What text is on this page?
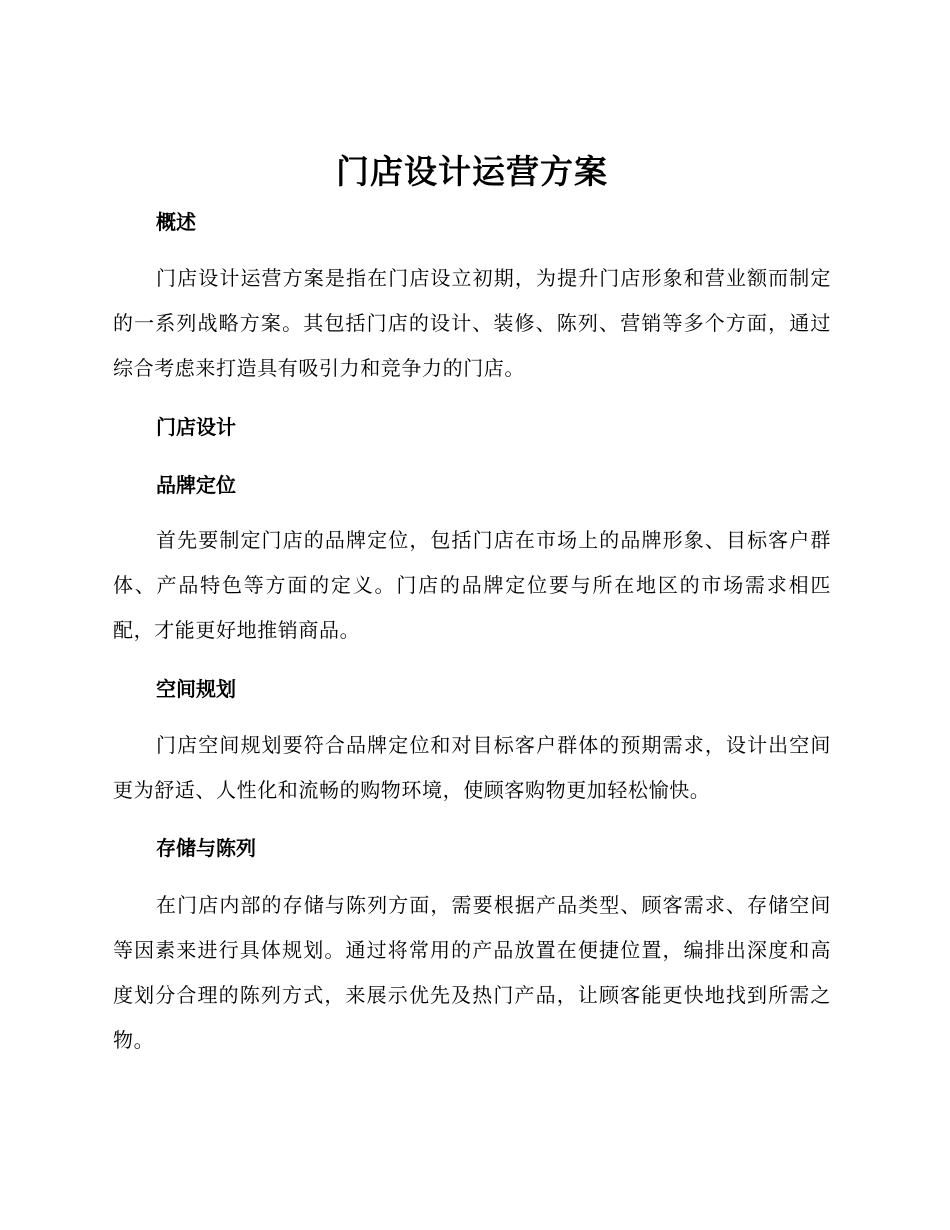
门店设计运营方案
概述

门店设计运营方案是指在门店设立初期，为提升门店形象和营业额而制定的一系列战略方案。其包括门店的设计、装修、陈列、营销等多个方面，通过综合考虑来打造具有吸引力和竞争力的门店。

门店设计
品牌定位

首先要制定门店的品牌定位，包括门店在市场上的品牌形象、目标客户群体、产品特色等方面的定义。门店的品牌定位要与所在地区的市场需求相匹配，才能更好地推销商品。

空间规划

门店空间规划要符合品牌定位和对目标客户群体的预期需求，设计出空间更为舒适、人性化和流畅的购物环境，使顾客购物更加轻松愉快。

存储与陈列

在门店内部的存储与陈列方面，需要根据产品类型、顾客需求、存储空间等因素来进行具体规划。通过将常用的产品放置在便捷位置，编排出深度和高度划分合理的陈列方式，来展示优先及热门产品，让顾客能更快地找到所需之物。
